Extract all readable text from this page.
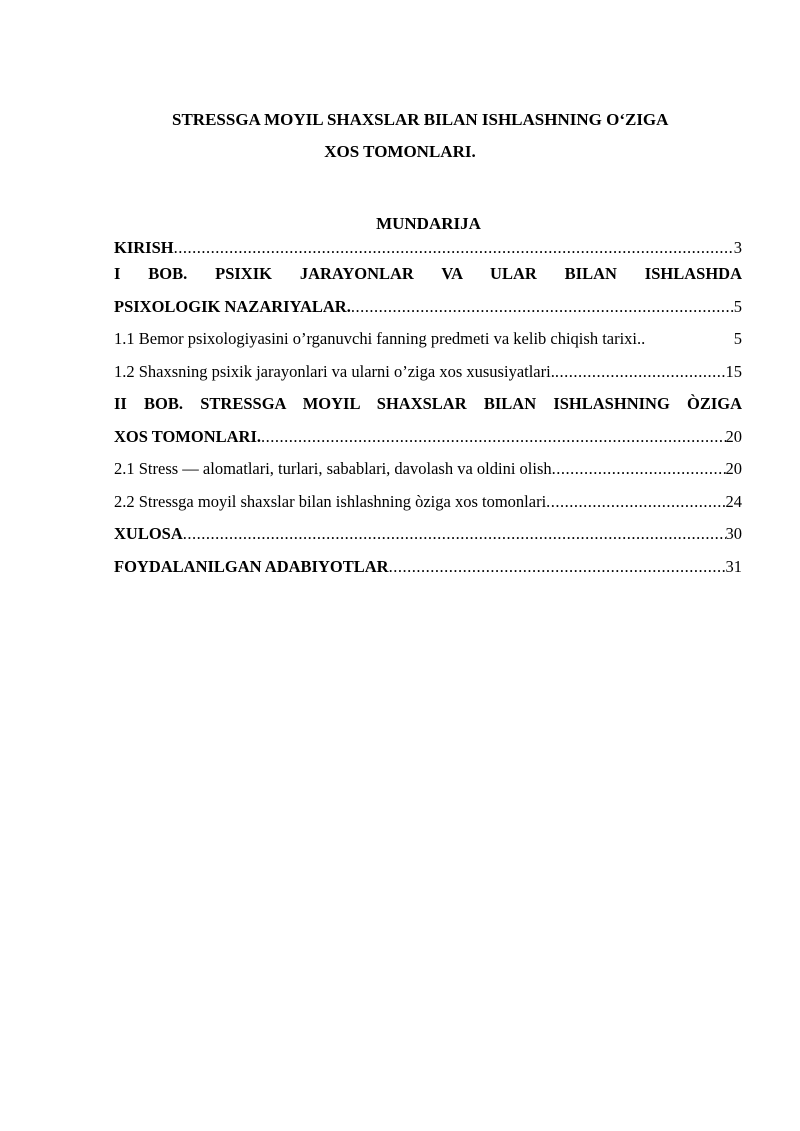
STRESSGA MOYIL SHAXSLAR BILAN ISHLASHNING O‘ZIGA
XOS TOMONLARI.
MUNDARIJA
KIRISH .....	3
I BOB. PSIXIK JARAYONLAR VA ULAR BILAN ISHLASHDA
PSIXOLOGIK NAZARIYALAR. .....	5
1.1 Bemor psixologiyasini o’rganuvchi fanning predmeti va kelib chiqish tarixi..	5
1.2 Shaxsning psixik jarayonlari va ularni o’ziga xos xususiyatlari. .....	15
II BOB. STRESSGA MOYIL SHAXSLAR BILAN ISHLASHNING ÒZIGA
XOS TOMONLARI. .....	20
2.1 Stress — alomatlari, turlari, sabablari, davolash va oldini olish .....	20
2.2 Stressga moyil shaxslar bilan ishlashning òziga xos tomonlari .....	24
XULOSA .....	30
FOYDALANILGAN ADABIYOTLAR .....	31
